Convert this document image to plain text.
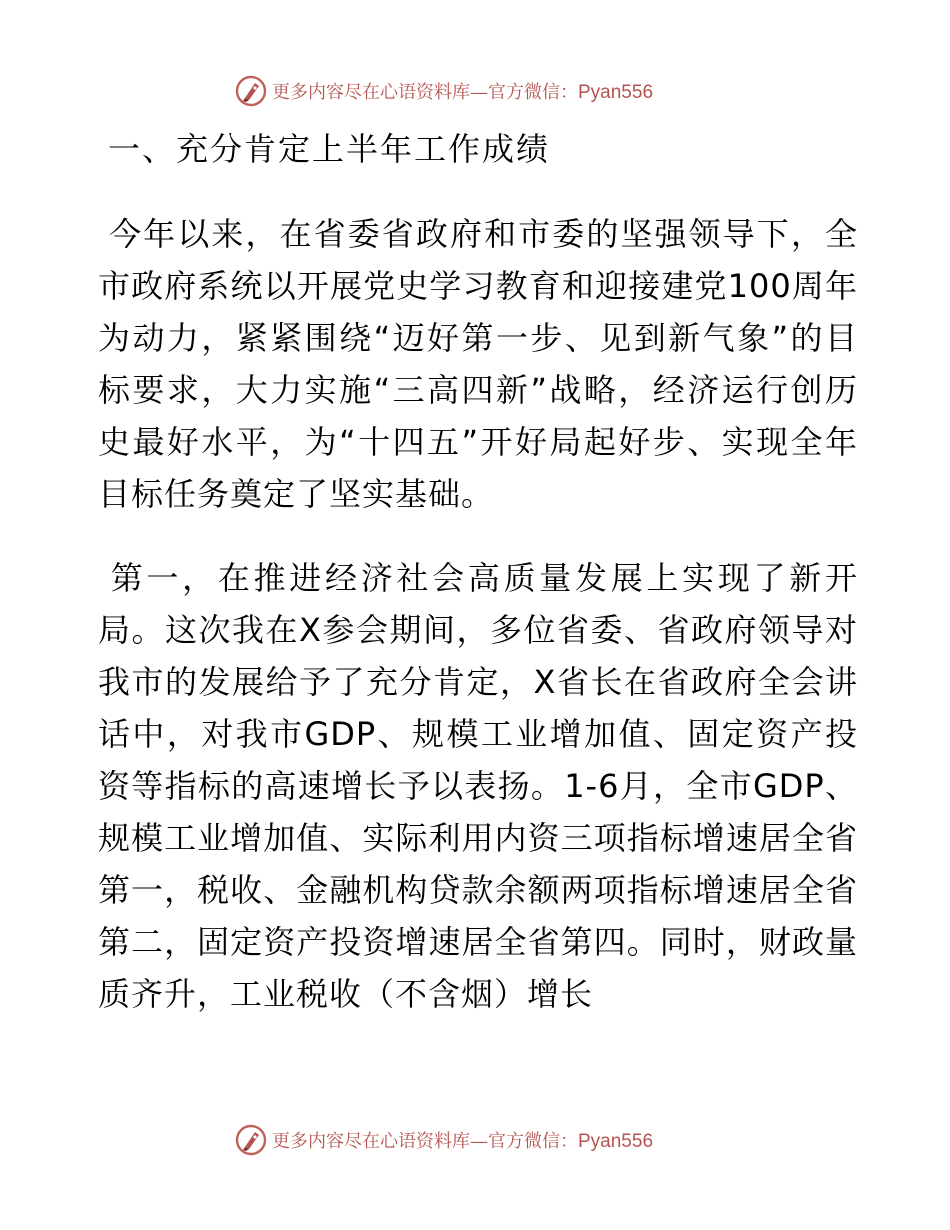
更多内容尽在心语资料库—官方微信：Pyan556
一、充分肯定上半年工作成绩

今年以来，在省委省政府和市委的坚强领导下，全市政府系统以开展党史学习教育和迎接建党100周年为动力，紧紧围绕“迈好第一步、见到新气象”的目标要求，大力实施“三高四新”战略，经济运行创历史最好水平，为“十四五”开好局起好步、实现全年目标任务奠定了坚实基础。

第一，在推进经济社会高质量发展上实现了新开局。这次我在X参会期间，多位省委、省政府领导对我市的发展给予了充分肯定，X省长在省政府全会讲话中，对我市GDP、规模工业增加值、固定资产投资等指标的高速增长予以表扬。1-6月，全市GDP、规模工业增加值、实际利用内资三项指标增速居全省第一，税收、金融机构贷款余额两项指标增速居全省第二，固定资产投资增速居全省第四。同时，财政量质齐升，工业税收（不含烟）增长

更多内容尽在心语资料库—官方微信：Pyan556
